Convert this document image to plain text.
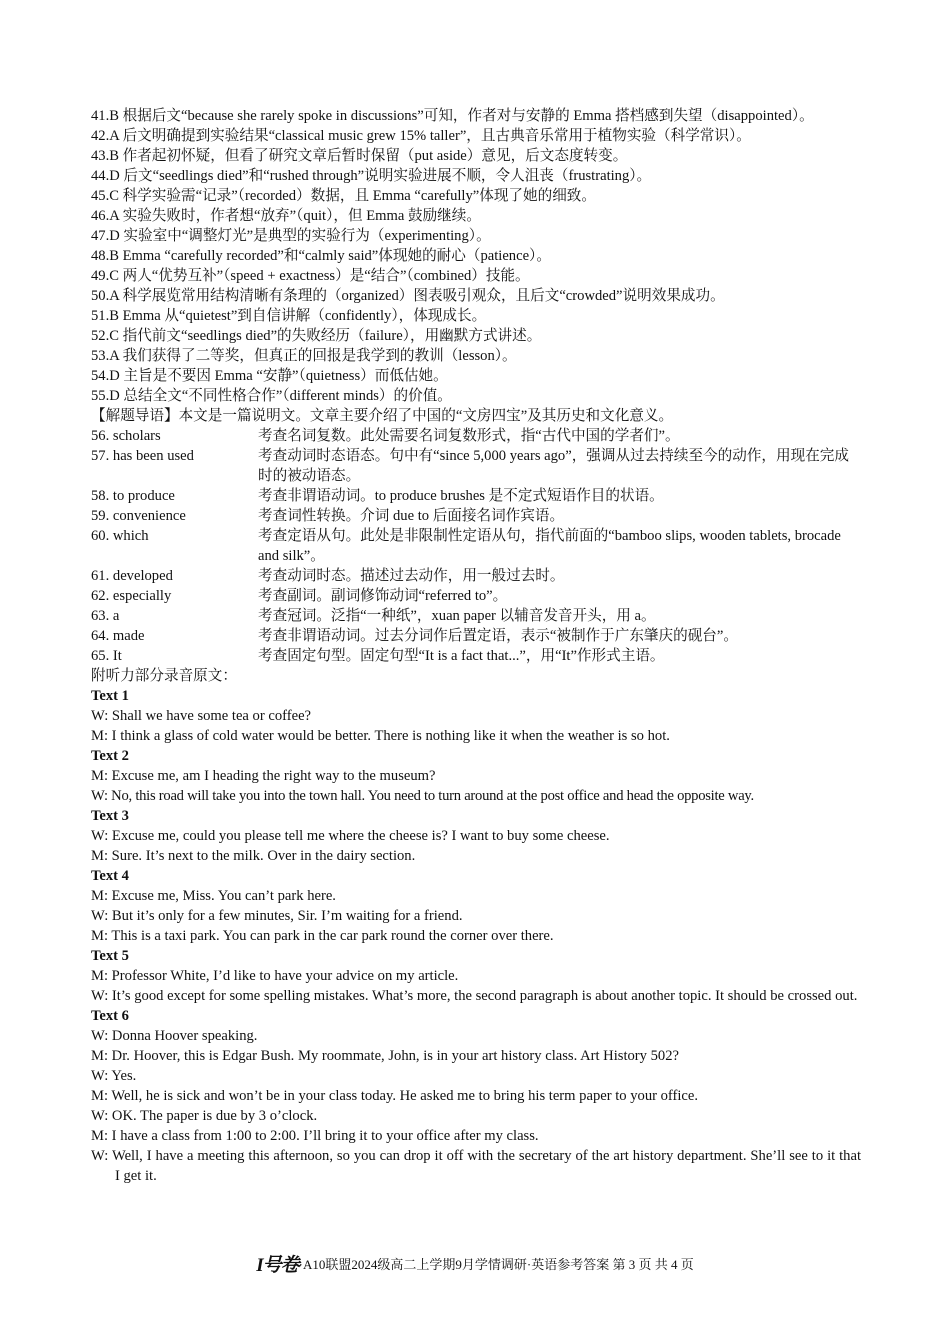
41.B 根据后文“because she rarely spoke in discussions”可知，作者对与安静的 Emma 搭档感到失望（disappointed）。
42.A 后文明确提到实验结果“classical music grew 15% taller”，且古典音乐常用于植物实验（科学常识）。
43.B 作者起初怀疑，但看了研究文章后暂时保留（put aside）意见，后文态度转变。
44.D 后文“seedlings died”和“rushed through”说明实验进展不顺，令人沮丧（frustrating）。
45.C 科学实验需“记录”（recorded）数据，且 Emma “carefully”体现了她的细致。
46.A 实验失败时，作者想“放弃”（quit），但 Emma 鼓励继续。
47.D 实验室中“调整灯光”是典型的实验行为（experimenting）。
48.B Emma “carefully recorded”和“calmly said”体现她的耐心（patience）。
49.C 两人“优势互补”（speed + exactness）是“结合”（combined）技能。
50.A 科学展览常用结构清晰有条理的（organized）图表吸引观众，且后文“crowded”说明效果成功。
51.B Emma 从“quietest”到自信讲解（confidently），体现成长。
52.C 指代前文“seedlings died”的失败经历（failure），用幽默方式讲述。
53.A 我们获得了二等奖，但真正的回报是我学到的教训（lesson）。
54.D 主旨是不要因 Emma “安静”（quietness）而低估她。
55.D 总结全文“不同性格合作”（different minds）的价值。
【解题导语】本文是一篇说明文。文章主要介绍了中国的“文房四宝”及其历史和文化意义。
56. scholars	考查名词复数。此处需要名词复数形式，指“古代中国的学者们”。
57. has been used	考查动词时态语态。句中有“since 5,000 years ago”，强调从过去持续至今的动作，用现在完成时的被动语态。
58. to produce	考查非谓语动词。to produce brushes 是不定式短语作目的状语。
59. convenience	考查词性转换。介词 due to 后面接名词作宾语。
60. which	考查定语从句。此处是非限制性定语从句，指代前面的“bamboo slips, wooden tablets, brocade and silk”。
61. developed	考查动词时态。描述过去动作，用一般过去时。
62. especially	考查副词。副词修饰动词“referred to”。
63. a	考查冠词。泛指“一种纸”，xuan paper 以辅音发音开头，用 a。
64. made	考查非谓语动词。过去分词作后置定语，表示“被制作于广东肇庆的砚台”。
65. It	考查固定句型。固定句型“It is a fact that...”，用“It”作形式主语。
附听力部分录音原文：
Text 1
W: Shall we have some tea or coffee?
M: I think a glass of cold water would be better. There is nothing like it when the weather is so hot.
Text 2
M: Excuse me, am I heading the right way to the museum?
W: No, this road will take you into the town hall. You need to turn around at the post office and head the opposite way.
Text 3
W: Excuse me, could you please tell me where the cheese is? I want to buy some cheese.
M: Sure. It’s next to the milk. Over in the dairy section.
Text 4
M: Excuse me, Miss. You can’t park here.
W: But it’s only for a few minutes, Sir. I’m waiting for a friend.
M: This is a taxi park. You can park in the car park round the corner over there.
Text 5
M: Professor White, I’d like to have your advice on my article.
W: It’s good except for some spelling mistakes. What’s more, the second paragraph is about another topic. It should be crossed out.
Text 6
W: Donna Hoover speaking.
M: Dr. Hoover, this is Edgar Bush. My roommate, John, is in your art history class. Art History 502?
W: Yes.
M: Well, he is sick and won’t be in your class today. He asked me to bring his term paper to your office.
W: OK. The paper is due by 3 o’clock.
M: I have a class from 1:00 to 2:00. I’ll bring it to your office after my class.
W: Well, I have a meeting this afternoon, so you can drop it off with the secretary of the art history department. She’ll see to it that I get it.
I号卷·A10联盟2024级高二上学期9月学情调研·英语参考答案 第 3 页 共 4 页
